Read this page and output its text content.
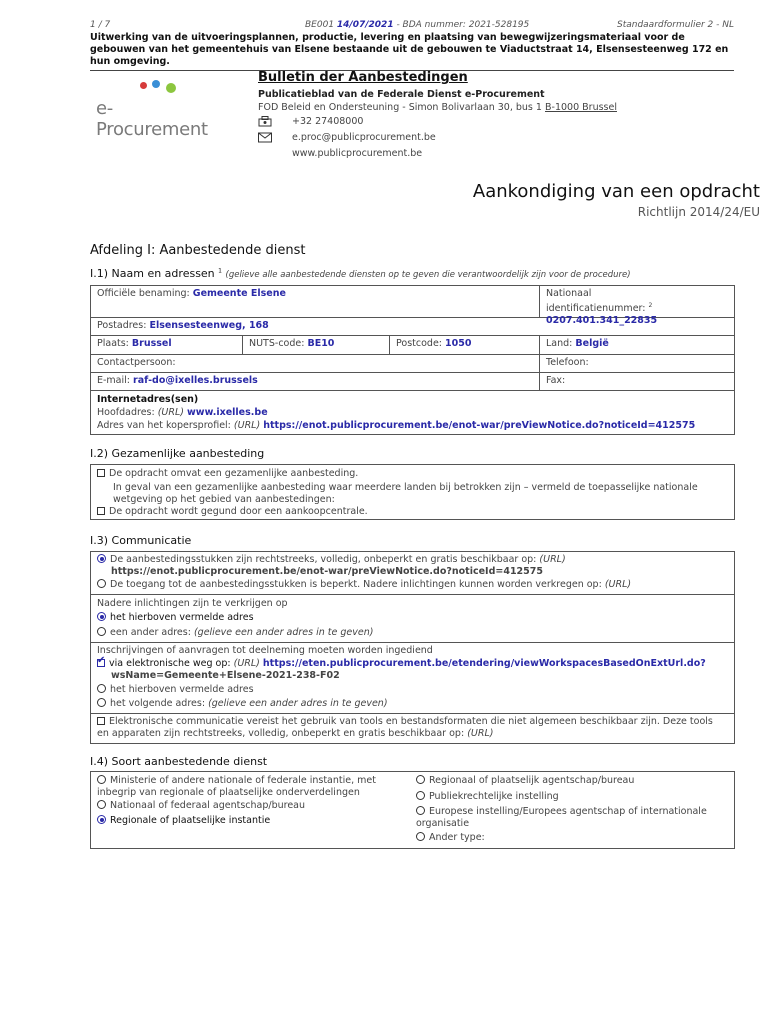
1 / 7	BE001 14/07/2021 - BDA nummer: 2021-528195	Standaardformulier 2 - NL
Uitwerking van de uitvoeringsplannen, productie, levering en plaatsing van bewegwijzeringsmateriaal voor de gebouwen van het gemeentehuis van Elsene bestaande uit de gebouwen te Viaductstraat 14, Elsensesteenweg 172 en hun omgeving.
e-Procurement
Bulletin der Aanbestedingen
Publicatieblad van de Federale Dienst e-Procurement
FOD Beleid en Ondersteuning - Simon Bolivarlaan 30, bus 1 B-1000 Brussel
+32 27408000
e.proc@publicprocurement.be
www.publicprocurement.be
Aankondiging van een opdracht
Richtlijn 2014/24/EU
Afdeling I: Aanbestedende dienst
I.1) Naam en adressen $^1$ (gelieve alle aanbestedende diensten op te geven die verantwoordelijk zijn voor de procedure)
Officiële benaming: Gemeente Elsene	Nationaal
identificatienummer: $^2$ 0207.401.341_22835
Postadres: Elsensesteenweg, 168
Plaats: Brussel	NUTS-code: BE10	Postcode: 1050	Land: België
Contactpersoon:	Telefoon:
E-mail: raf-do@ixelles.brussels	Fax:
Internetadres(sen)
Hoofdadres: (URL) www.ixelles.be
Adres van het kopersprofiel: (URL) https://enot.publicprocurement.be/enot-war/preViewNotice.do?noticeId=412575
I.2) Gezamenlijke aanbesteding
De opdracht omvat een gezamenlijke aanbesteding.
In geval van een gezamenlijke aanbesteding waar meerdere landen bij betrokken zijn – vermeld de toepasselijke nationale wetgeving op het gebied van aanbestedingen:
De opdracht wordt gegund door een aankoopcentrale.
I.3) Communicatie
De aanbestedingsstukken zijn rechtstreeks, volledig, onbeperkt en gratis beschikbaar op: (URL)
https://enot.publicprocurement.be/enot-war/preViewNotice.do?noticeId=412575
De toegang tot de aanbestedingsstukken is beperkt. Nadere inlichtingen kunnen worden verkregen op: (URL)
Nadere inlichtingen zijn te verkrijgen op
het hierboven vermelde adres
een ander adres: (gelieve een ander adres in te geven)
Inschrijvingen of aanvragen tot deelneming moeten worden ingediend
✔via elektronische weg op: (URL) https://eten.publicprocurement.be/etendering/viewWorkspacesBasedOnExtUrl.do?
wsName=Gemeente+Elsene-2021-238-F02
het hierboven vermelde adres
het volgende adres: (gelieve een ander adres in te geven)
Elektronische communicatie vereist het gebruik van tools en bestandsformaten die niet algemeen beschikbaar zijn. Deze tools en apparaten zijn rechtstreeks, volledig, onbeperkt en gratis beschikbaar op: (URL)
I.4) Soort aanbestedende dienst
Ministerie of andere nationale of federale instantie, met inbegrip van regionale of plaatselijke onderverdelingen
Nationaal of federaal agentschap/bureau
Regionale of plaatselijke instantie
Regionaal of plaatselijk agentschap/bureau
Publiekrechtelijke instelling
Europese instelling/Europees agentschap of internationale organisatie
Ander type:
